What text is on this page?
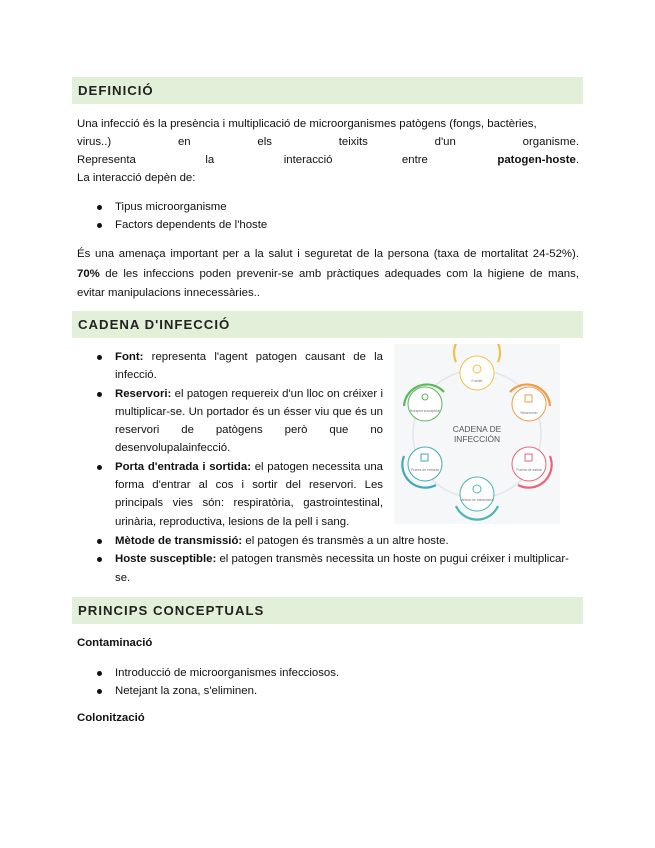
DEFINICIÓ

Una infecció és la presència i multiplicació de microorganismes patògens (fongs, bactèries,

virus..)	en	els	teixits	d'un	organisme.
Representa	la	interacció	entre	patogen-hoste.

La interacció depèn de:

Tipus microorganisme
Factors dependents de l'hoste

És una amenaça important per a la salut i seguretat de la persona (taxa de mortalitat 24-52%). 70% de les infeccions poden prevenir-se amb pràctiques adequades com la higiene de mans, evitar manipulacions innecessàries..

CADENA D'INFECCIÓ
Font: representa l'agent patogen causant de la infecció.
Reservori: el patogen requereix d'un lloc on créixer i multiplicar-se. Un portador és un ésser viu que és un reservori de patògens però que no desenvolupalainfecció.
Porta d'entrada i sortida: el patogen necessita una forma d'entrar al cos i sortir del reservori. Les principals vies són: respiratòria, gastrointestinal, urinària, reproductiva, lesions de la pell i sang.
Mètode de transmissió: el patogen és transmès a un altre hoste.
Hoste susceptible: el patogen transmès necessita un hoste on pugui créixer i multiplicar-se.
CADENA DE
INFECCIÓN
Fuente
Reservorio
Puerta de salida
Método de transmisión
Puerta de entrada
Huésped susceptible
PRINCIPS CONCEPTUALS

Contaminació

Introducció de microorganismes infecciosos.
Netejant la zona, s'eliminen.

Colonització
